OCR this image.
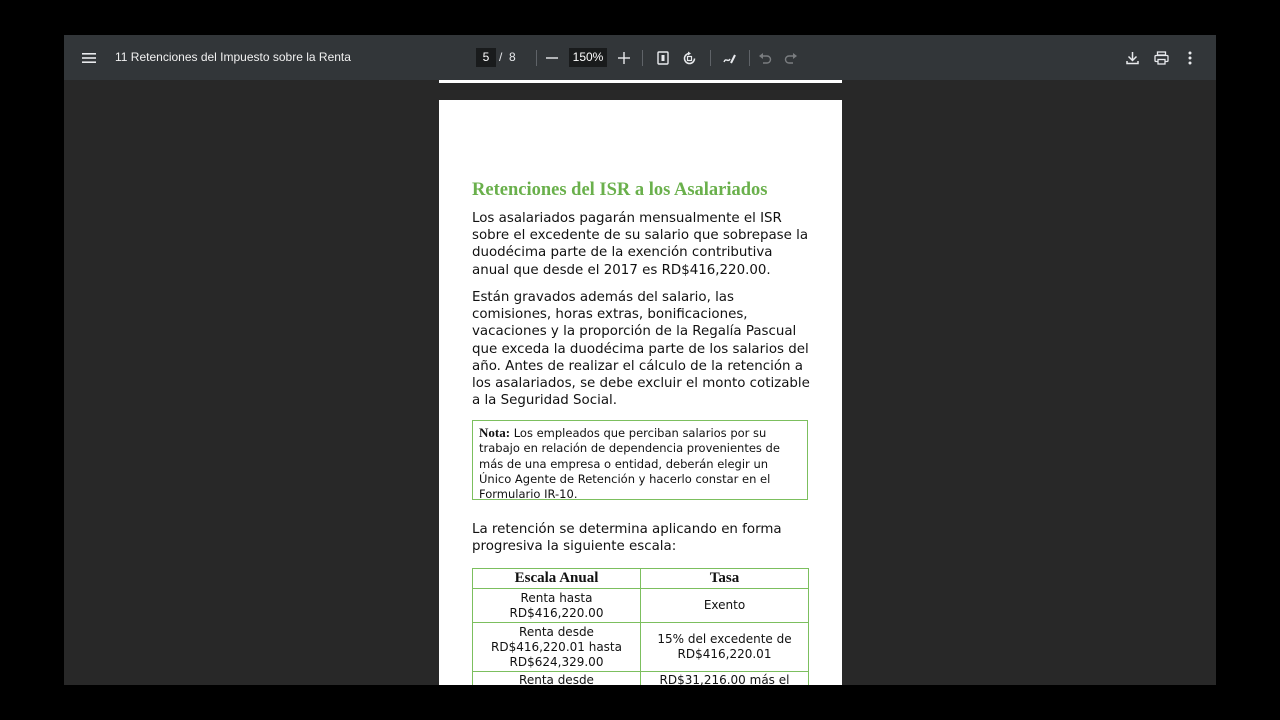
11 Retenciones del Impuesto sobre la Renta	5 / 8	150%
Retenciones del ISR a los Asalariados

Los asalariados pagarán mensualmente el ISR sobre el excedente de su salario que sobrepase la duodécima parte de la exención contributiva anual que desde el 2017 es RD$416,220.00.

Están gravados además del salario, las comisiones, horas extras, bonificaciones, vacaciones y la proporción de la Regalía Pascual que exceda la duodécima parte de los salarios del año. Antes de realizar el cálculo de la retención a los asalariados, se debe excluir el monto cotizable a la Seguridad Social.

Nota: Los empleados que perciban salarios por su trabajo en relación de dependencia provenientes de más de una empresa o entidad, deberán elegir un Único Agente de Retención y hacerlo constar en el Formulario IR-10.

La retención se determina aplicando en forma progresiva la siguiente escala:

Escala Anual	Tasa
Renta hasta RD$416,220.00	Exento
Renta desde RD$416,220.01 hasta RD$624,329.00	15% del excedente de RD$416,220.01
Renta desde	RD$31,216.00 más el
